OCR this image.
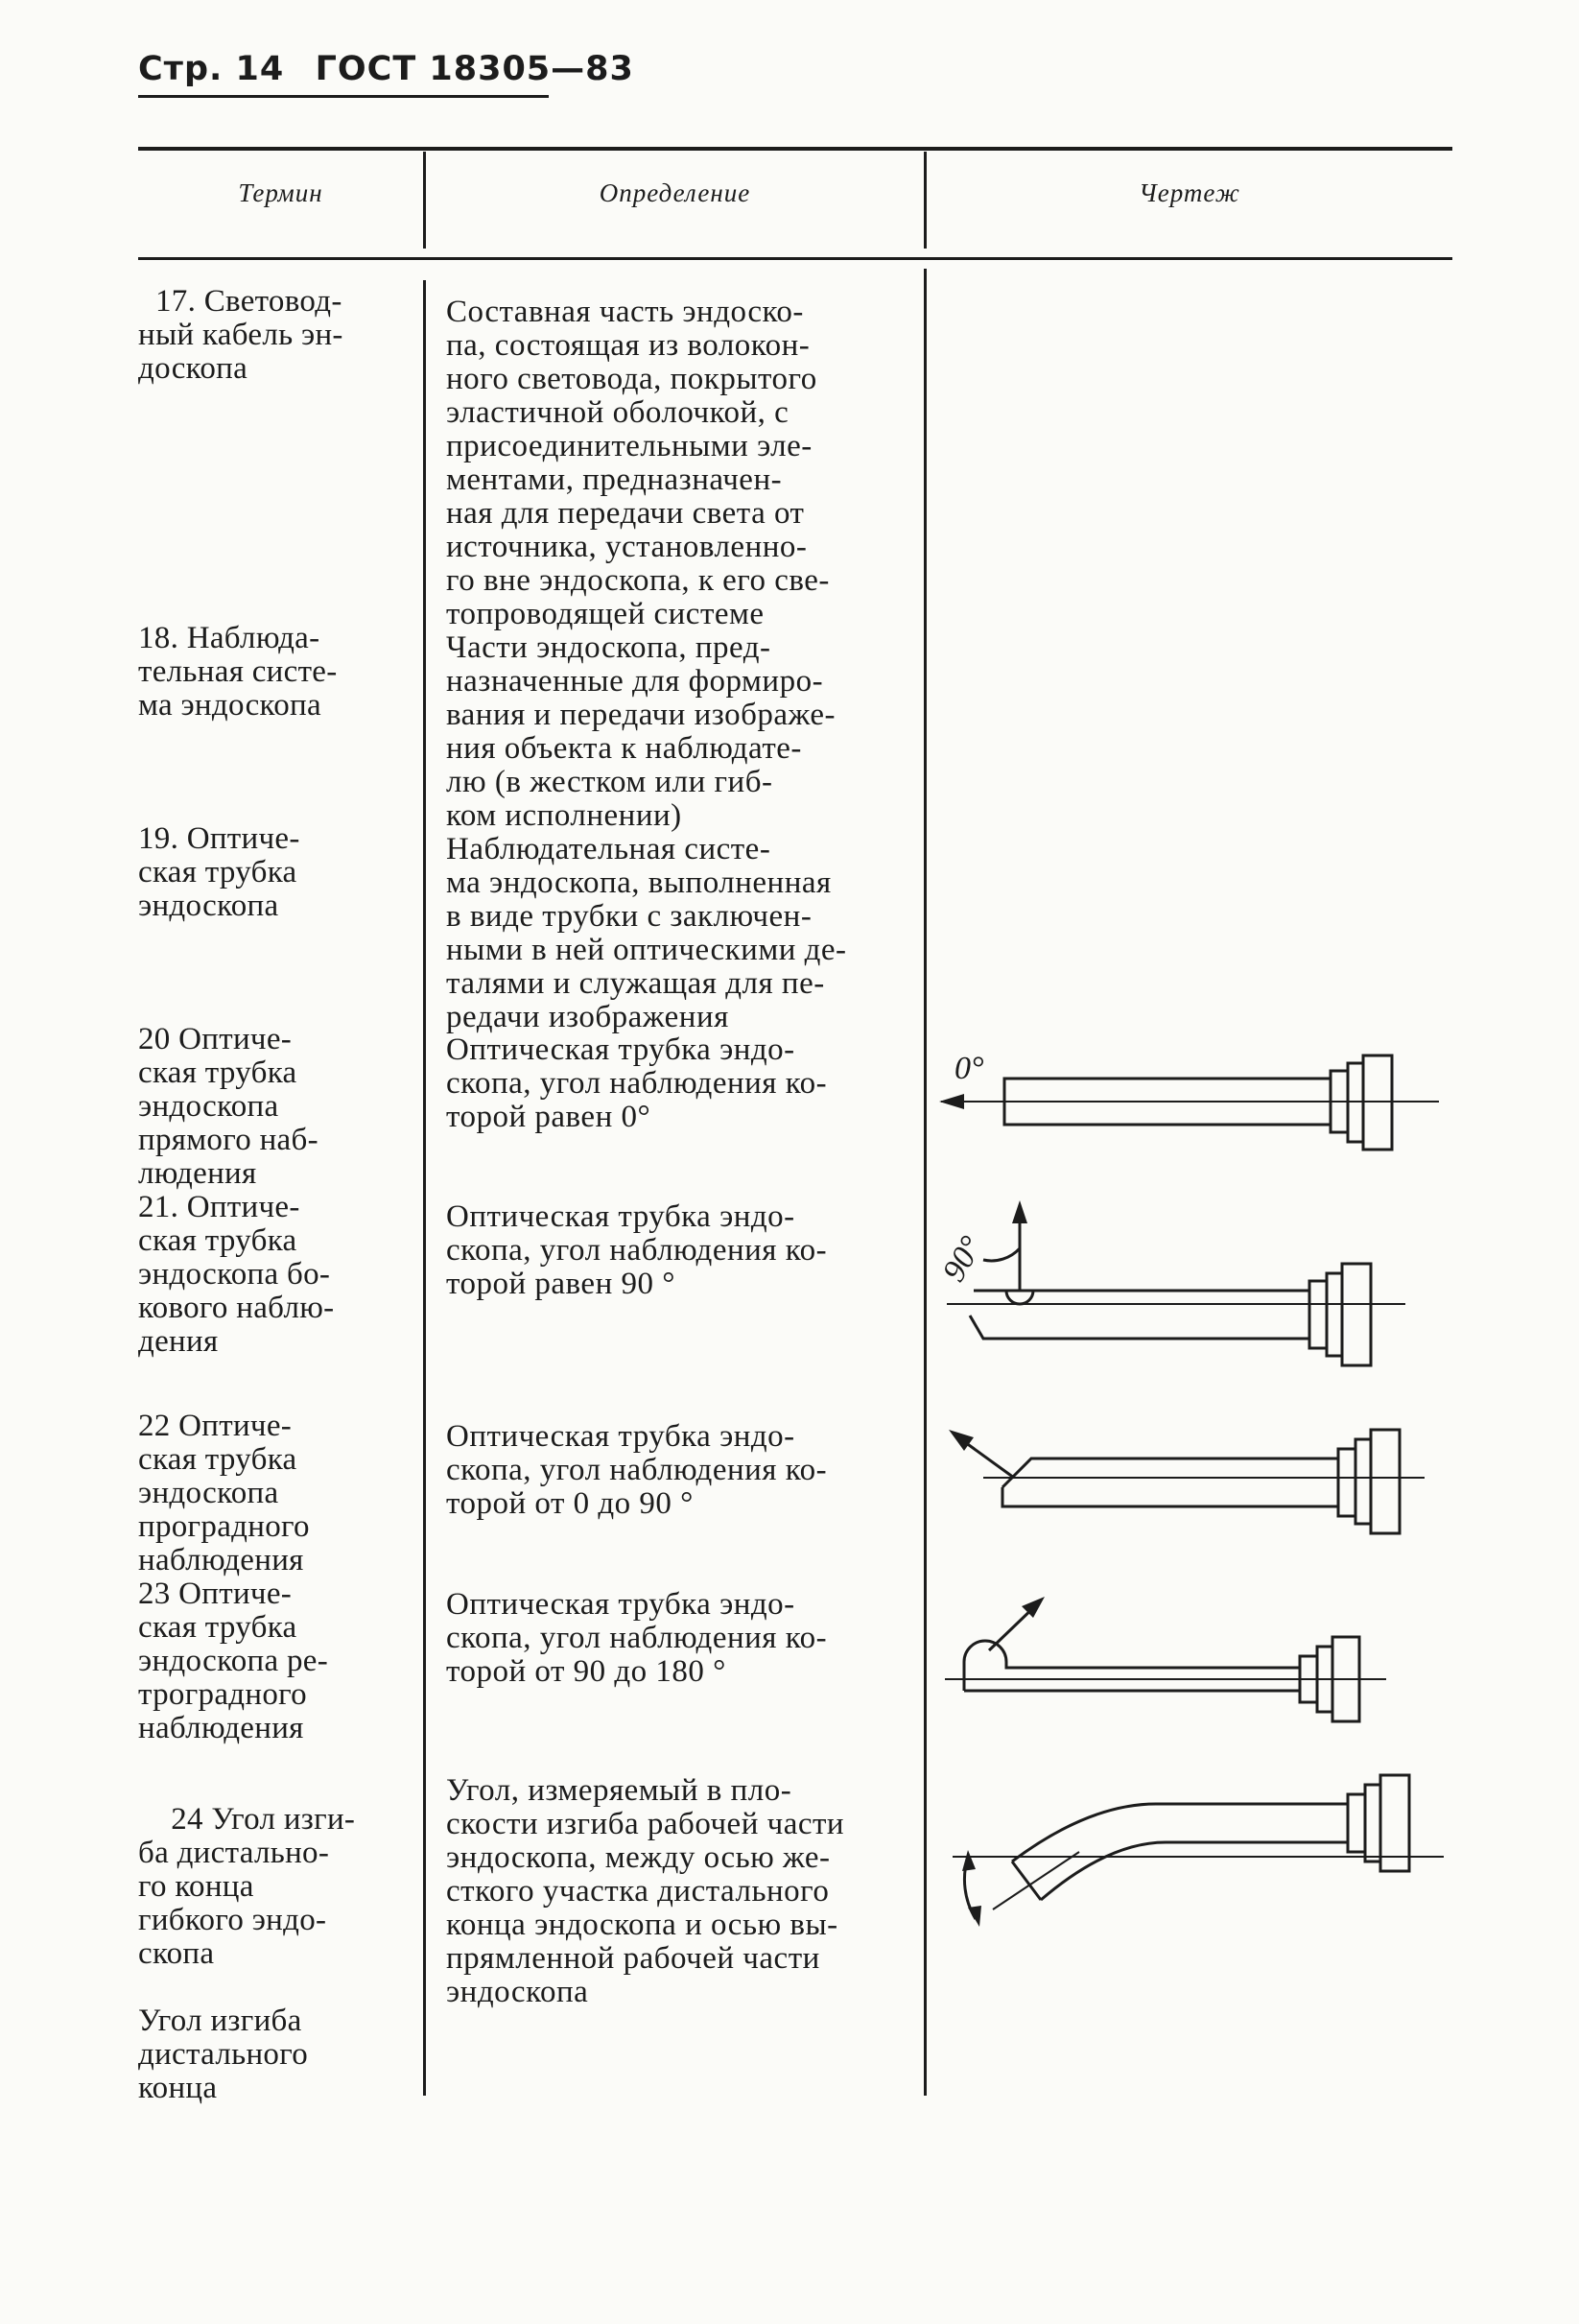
Стр. 14 ГОСТ 18305—83
Термин	Определение	Чертеж
17. Световод-
ный кабель эн-
доскопа
18. Наблюда-
тельная систе-
ма эндоскопа
19. Оптиче-
ская трубка
эндоскопа
20 Оптиче-
ская трубка
эндоскопа
прямого наб-
людения
21. Оптиче-
ская трубка
эндоскопа бо-
кового наблю-
дения
22 Оптиче-
ская трубка
эндоскопа
проградного
наблюдения
23 Оптиче-
ская трубка
эндоскопа ре-
троградного
наблюдения

24 Угол изги-
ба дистально-
го конца
гибкого эндо-
скопа

Угол изгиба
дистального
конца

Составная часть эндоско-
па, состоящая из волокон-
ного световода, покрытого
эластичной оболочкой, с
присоединительными эле-
ментами, предназначен-
ная для передачи света от
источника, установленно-
го вне эндоскопа, к его све-
топроводящей системе
Части эндоскопа, пред-
назначенные для формиро-
вания и передачи изображе-
ния объекта к наблюдате-
лю (в жестком или гиб-
ком исполнении)
Наблюдательная систе-
ма эндоскопа, выполненная
в виде трубки с заключен-
ными в ней оптическими де-
талями и служащая для пе-
редачи изображения
Оптическая трубка эндо-
скопа, угол наблюдения ко-
торой равен 0°
Оптическая трубка эндо-
скопа, угол наблюдения ко-
торой равен 90 °
Оптическая трубка эндо-
скопа, угол наблюдения ко-
торой от 0 до 90 °
Оптическая трубка эндо-
скопа, угол наблюдения ко-
торой от 90 до 180 °
Угол, измеряемый в пло-
скости изгиба рабочей части
эндоскопа, между осью же-
сткого участка дистального
конца эндоскопа и осью вы-
прямленной рабочей части
эндоскопа
0°
90°
